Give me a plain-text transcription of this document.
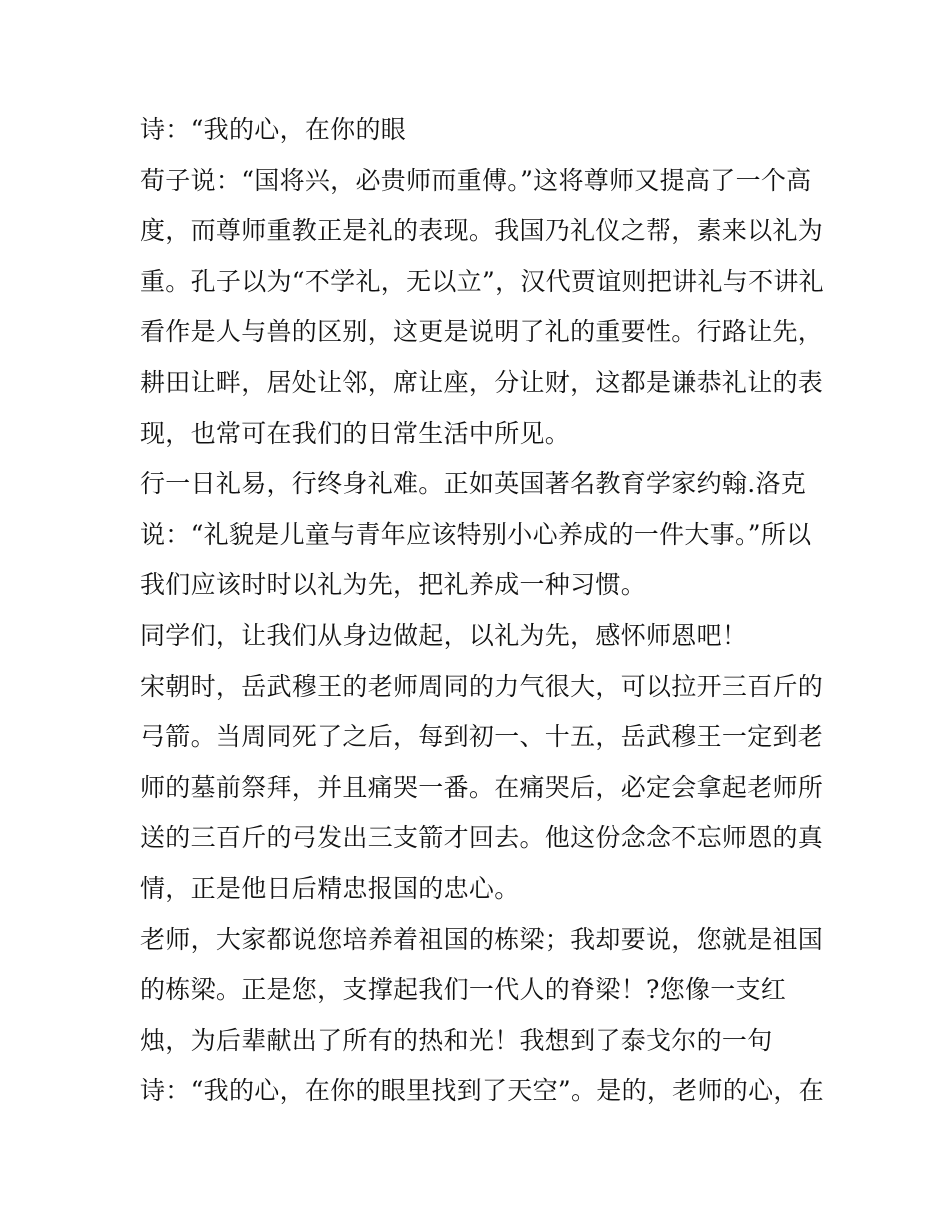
诗：“我的心，在你的眼
荀子说：“国将兴，必贵师而重傅。”这将尊师又提高了一个高
度，而尊师重教正是礼的表现。我国乃礼仪之帮，素来以礼为
重。孔子以为“不学礼，无以立”，汉代贾谊则把讲礼与不讲礼
看作是人与兽的区别，这更是说明了礼的重要性。行路让先，
耕田让畔，居处让邻，席让座，分让财，这都是谦恭礼让的表
现，也常可在我们的日常生活中所见。
行一日礼易，行终身礼难。正如英国著名教育学家约翰.洛克
说：“礼貌是儿童与青年应该特别小心养成的一件大事。”所以
我们应该时时以礼为先，把礼养成一种习惯。
同学们，让我们从身边做起，以礼为先，感怀师恩吧！
宋朝时，岳武穆王的老师周同的力气很大，可以拉开三百斤的
弓箭。当周同死了之后，每到初一、十五，岳武穆王一定到老
师的墓前祭拜，并且痛哭一番。在痛哭后，必定会拿起老师所
送的三百斤的弓发出三支箭才回去。他这份念念不忘师恩的真
情，正是他日后精忠报国的忠心。
老师，大家都说您培养着祖国的栋梁；我却要说，您就是祖国
的栋梁。正是您，支撑起我们一代人的脊梁！?您像一支红
烛，为后辈献出了所有的热和光！我想到了泰戈尔的一句
诗：“我的心，在你的眼里找到了天空”。是的，老师的心，在
